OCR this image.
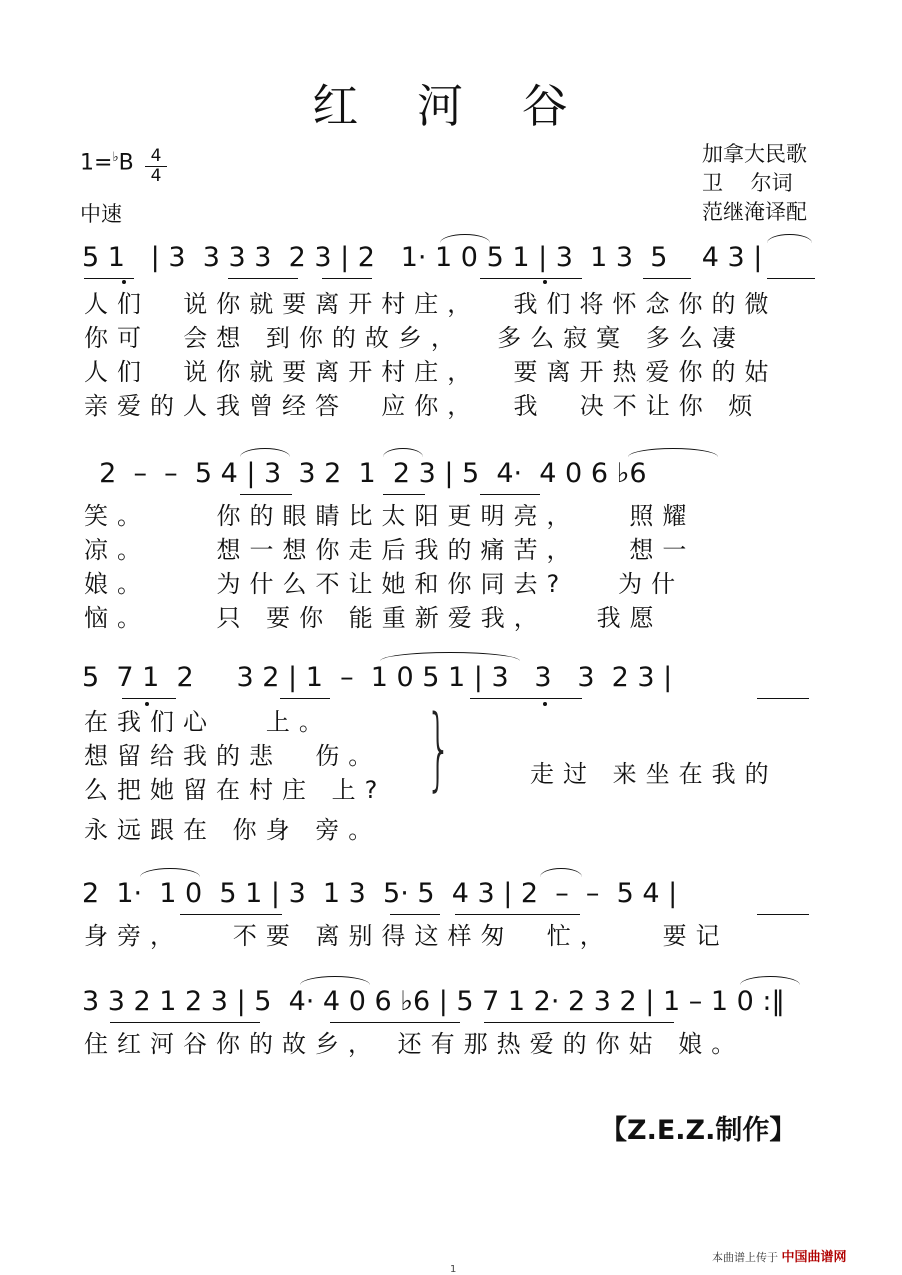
红 河 谷
1=♭B 4
4
中速
加拿大民歌
卫　 尔词
范继淹译配
5 1   | 3  3 3 3  2 3 | 2   1· 1 0 5 1 | 3  1 3  5    4 3 |
人们  说你就要离开村庄，  我们将怀念你的微
你可  会想 到你的故乡，  多么寂寞 多么凄
人们  说你就要离开村庄，  要离开热爱你的姑
亲爱的人我曾经答  应你，  我  决不让你 烦
2  –  –  5 4 | 3  3 2  1  2 3 | 5  4·  4 0 6 ♭6
笑。    你的眼睛比太阳更明亮，   照耀
凉。    想一想你走后我的痛苦，   想一
娘。    为什么不让她和你同去?   为什
恼。    只 要你 能重新爱我，   我愿
5  7 1  2     3 2 | 1  –  1 0 5 1 | 3   3   3  2 3 |
在我们心   上。
想留给我的悲  伤。
么把她留在村庄 上?
永远跟在 你身 旁。
}	走过 来坐在我的
2  1·  1 0  5 1 | 3  1 3  5· 5  4 3 | 2  –  –  5 4 |
身旁，   不要 离别得这样匆  忙，   要记
3 3 2 1 2 3 | 5  4· 4 0 6 ♭6 | 5 7 1 2· 2 3 2 | 1 – 1 0 :‖
住红河谷你的故乡， 还有那热爱的你姑 娘。
【Z.E.Z.制作】
本曲谱上传于 中国曲谱网
1
